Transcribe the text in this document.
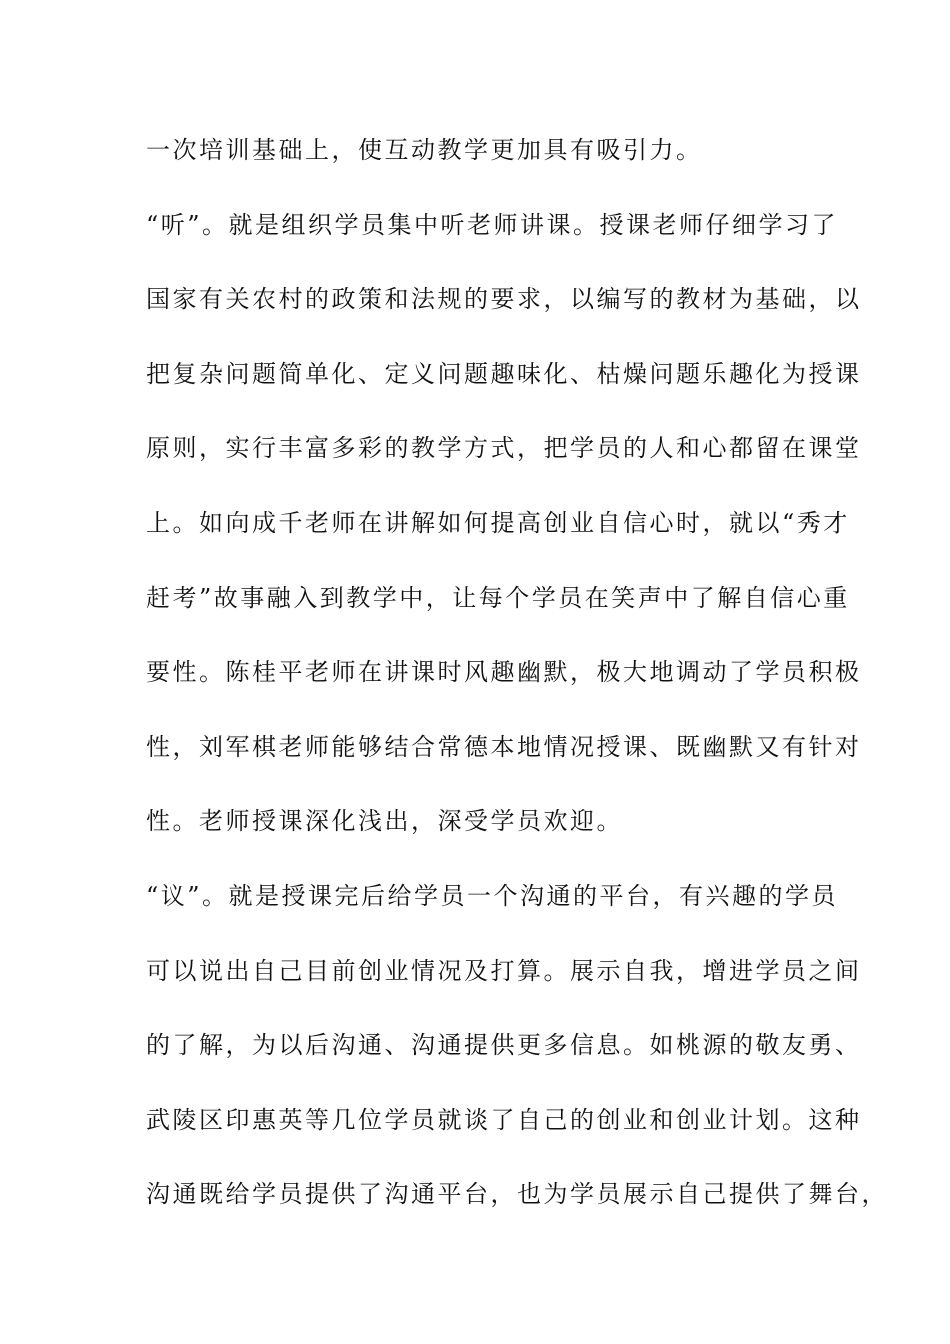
一次培训基础上，使互动教学更加具有吸引力。
“听”。就是组织学员集中听老师讲课。授课老师仔细学习了
国家有关农村的政策和法规的要求，以编写的教材为基础，以
把复杂问题简单化、定义问题趣味化、枯燥问题乐趣化为授课
原则，实行丰富多彩的教学方式，把学员的人和心都留在课堂
上。如向成千老师在讲解如何提高创业自信心时，就以“秀才
赶考”故事融入到教学中，让每个学员在笑声中了解自信心重
要性。陈桂平老师在讲课时风趣幽默，极大地调动了学员积极
性，刘军棋老师能够结合常德本地情况授课、既幽默又有针对
性。老师授课深化浅出，深受学员欢迎。
“议”。就是授课完后给学员一个沟通的平台，有兴趣的学员
可以说出自己目前创业情况及打算。展示自我，增进学员之间
的了解，为以后沟通、沟通提供更多信息。如桃源的敬友勇、
武陵区印惠英等几位学员就谈了自己的创业和创业计划。这种
沟通既给学员提供了沟通平台，也为学员展示自己提供了舞台，
